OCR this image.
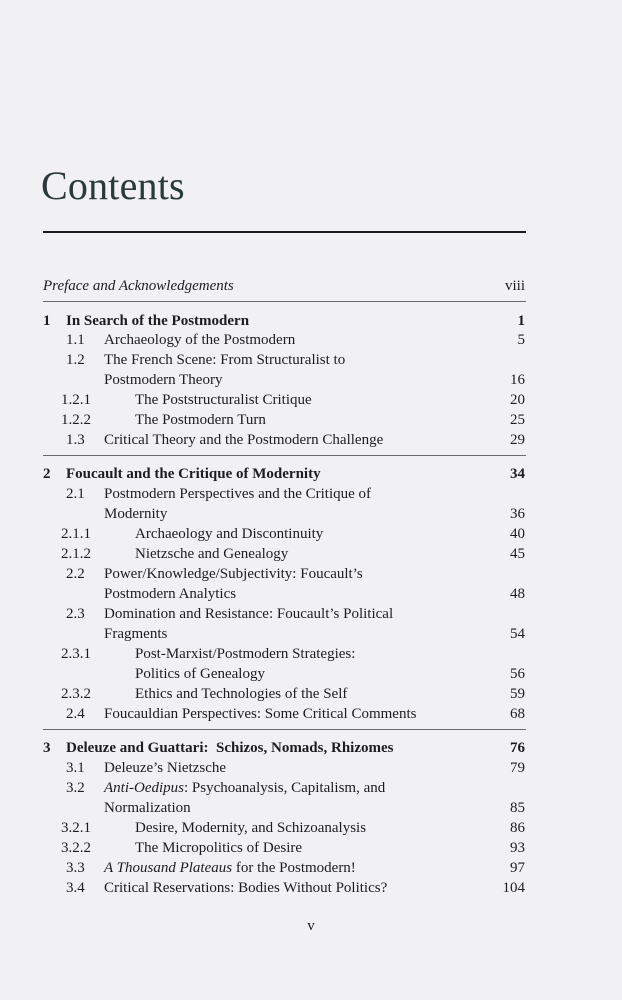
Contents
Preface and Acknowledgements	viii
1 In Search of the Postmodern	1
1.1 Archaeology of the Postmodern	5
1.2 The French Scene: From Structuralist to
Postmodern Theory	16
1.2.1	The Poststructuralist Critique	20
1.2.2	The Postmodern Turn	25
1.3 Critical Theory and the Postmodern Challenge	29
2 Foucault and the Critique of Modernity	34
2.1 Postmodern Perspectives and the Critique of
Modernity	36
2.1.1	Archaeology and Discontinuity	40
2.1.2	Nietzsche and Genealogy	45
2.2 Power/Knowledge/Subjectivity: Foucault’s
Postmodern Analytics	48
2.3 Domination and Resistance: Foucault’s Political
Fragments	54
2.3.1	Post-Marxist/Postmodern Strategies:
Politics of Genealogy	56
2.3.2	Ethics and Technologies of the Self	59
2.4 Foucauldian Perspectives: Some Critical Comments	68
3 Deleuze and Guattari:  Schizos, Nomads, Rhizomes	76
3.1 Deleuze’s Nietzsche	79
3.2 Anti-Oedipus: Psychoanalysis, Capitalism, and
Normalization	85
3.2.1	Desire, Modernity, and Schizoanalysis	86
3.2.2	The Micropolitics of Desire	93
3.3 A Thousand Plateaus for the Postmodern!	97
3.4 Critical Reservations: Bodies Without Politics?	104
v
